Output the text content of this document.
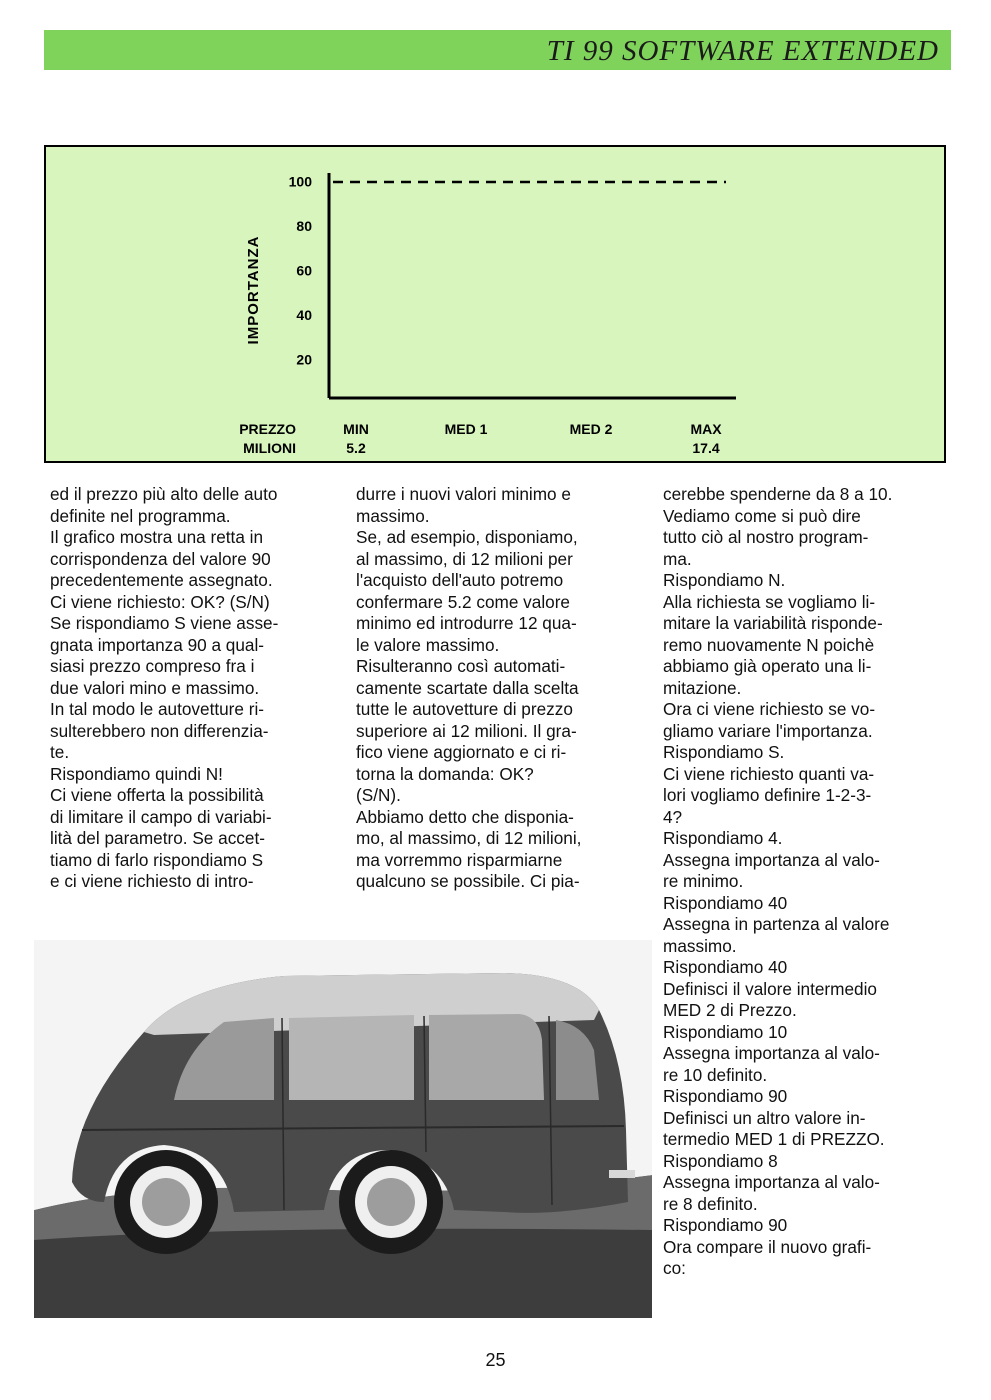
TI 99 SOFTWARE EXTENDED
100
80
60
40
20
IMPORTANZA
PREZZO
MILIONI
MIN
5.2
MED 1	MED 2	MAX
17.4
ed il prezzo più alto delle auto
definite nel programma.
Il grafico mostra una retta in
corrispondenza del valore 90
precedentemente assegnato.
Ci viene richiesto: OK? (S/N)
Se rispondiamo S viene asse-
gnata importanza 90 a qual-
siasi prezzo compreso fra i
due valori mino e massimo.
In tal modo le autovetture ri-
sulterebbero non differenzia-
te.
Rispondiamo quindi N!
Ci viene offerta la possibilità
di limitare il campo di variabi-
lità del parametro. Se accet-
tiamo di farlo rispondiamo S
e ci viene richiesto di intro-
durre i nuovi valori minimo e
massimo.
Se, ad esempio, disponiamo,
al massimo, di 12 milioni per
l'acquisto dell'auto potremo
confermare 5.2 come valore
minimo ed introdurre 12 qua-
le valore massimo.
Risulteranno così automati-
camente scartate dalla scelta
tutte le autovetture di prezzo
superiore ai 12 milioni. Il gra-
fico viene aggiornato e ci ri-
torna la domanda: OK?
(S/N).
Abbiamo detto che disponia-
mo, al massimo, di 12 milioni,
ma vorremmo risparmiarne
qualcuno se possibile. Ci pia-
cerebbe spenderne da 8 a 10.
Vediamo come si può dire
tutto ciò al nostro program-
ma.
Rispondiamo N.
Alla richiesta se vogliamo li-
mitare la variabilità risponde-
remo nuovamente N poichè
abbiamo già operato una li-
mitazione.
Ora ci viene richiesto se vo-
gliamo variare l'importanza.
Rispondiamo S.
Ci viene richiesto quanti va-
lori vogliamo definire 1-2-3-
4?
Rispondiamo 4.
Assegna importanza al valo-
re minimo.
Rispondiamo 40
Assegna in partenza al valore
massimo.
Rispondiamo 40
Definisci il valore intermedio
MED 2 di Prezzo.
Rispondiamo 10
Assegna importanza al valo-
re 10 definito.
Rispondiamo 90
Definisci un altro valore in-
termedio MED 1 di PREZZO.
Rispondiamo 8
Assegna importanza al valo-
re 8 definito.
Rispondiamo 90
Ora compare il nuovo grafi-
co:
25
